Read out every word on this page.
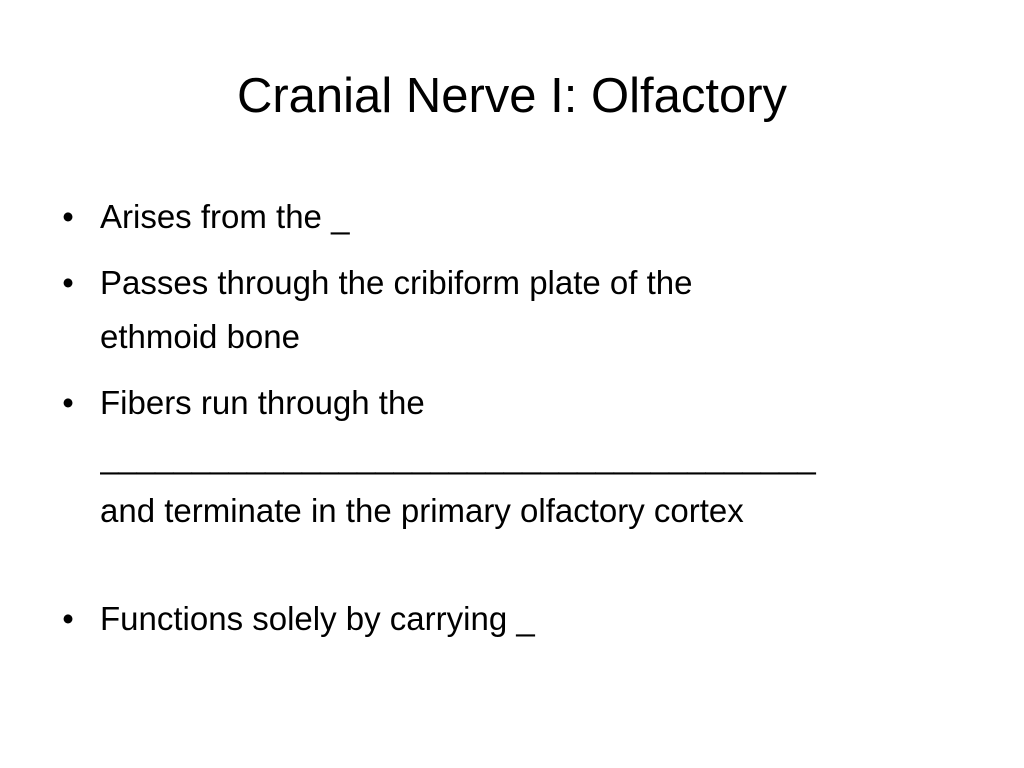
Cranial Nerve I: Olfactory
• Arises from the _
• Passes through the cribiform plate of the
ethmoid bone
• Fibers run through the
_______________________________________
and terminate in the primary olfactory cortex
• Functions solely by carrying _
